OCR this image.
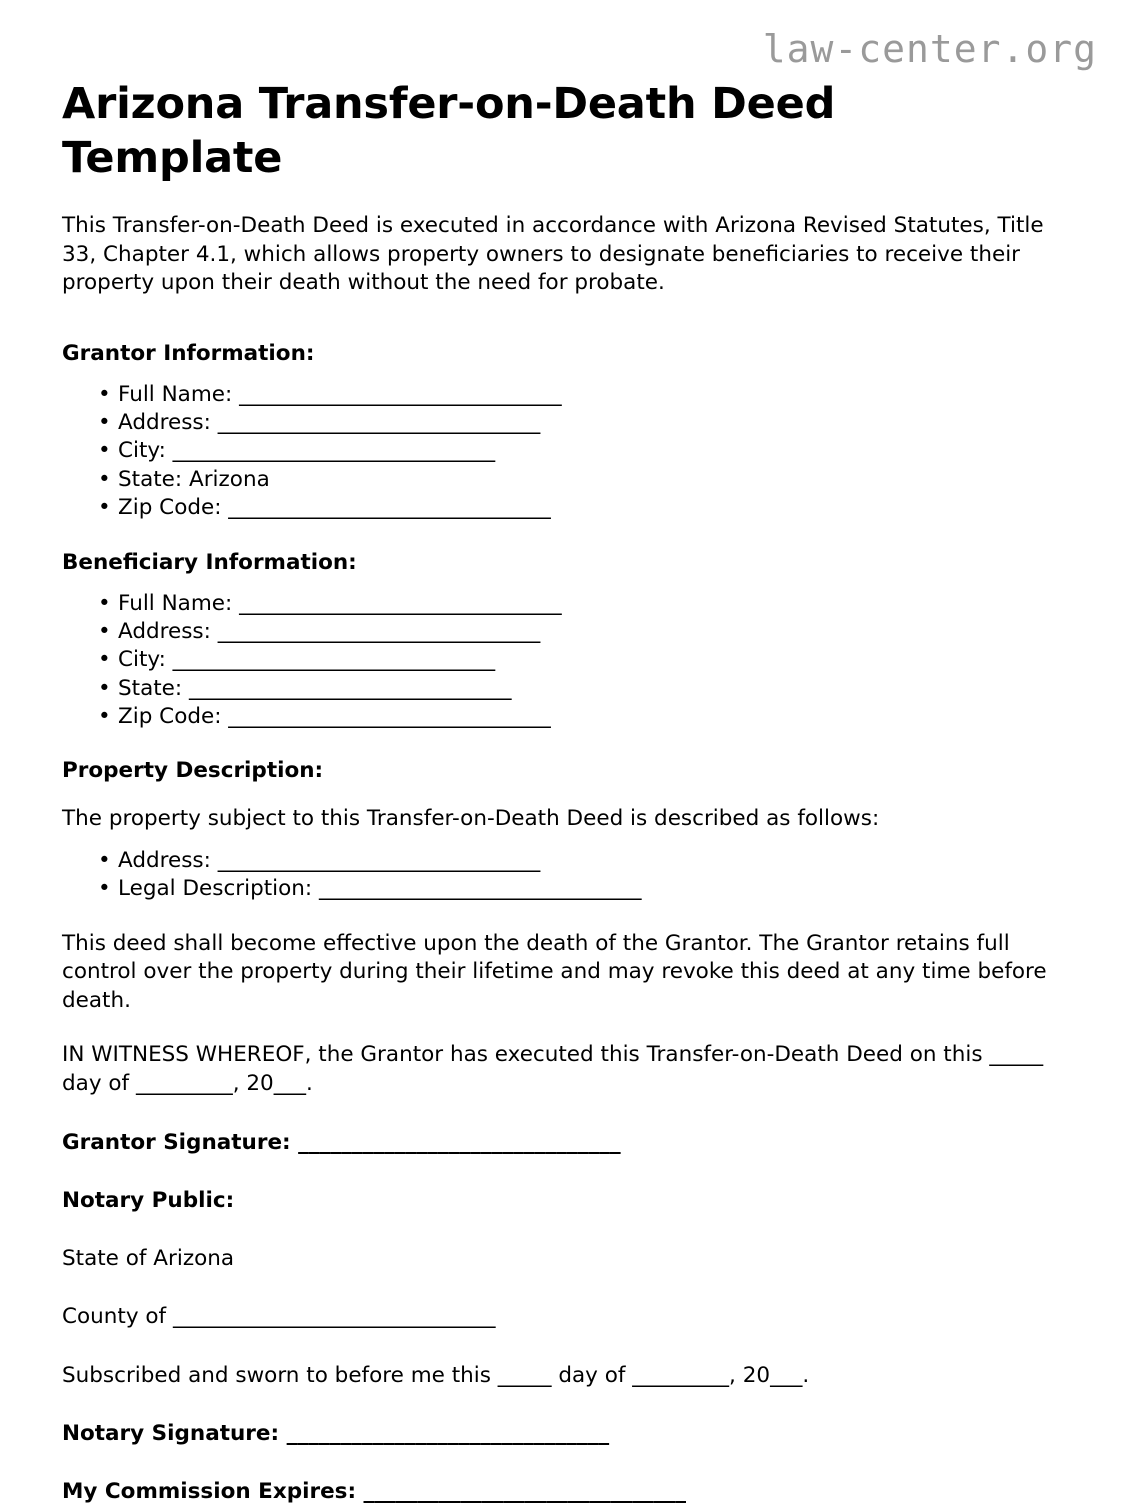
law-center.org
Arizona Transfer-on-Death Deed Template

This Transfer-on-Death Deed is executed in accordance with Arizona Revised Statutes, Title 33, Chapter 4.1, which allows property owners to designate beneficiaries to receive their property upon their death without the need for probate.

Grantor Information:
• Full Name: ______________________________
• Address: ______________________________
• City: ______________________________
• State: Arizona
• Zip Code: ______________________________
Beneficiary Information:
• Full Name: ______________________________
• Address: ______________________________
• City: ______________________________
• State: ______________________________
• Zip Code: ______________________________
Property Description:

The property subject to this Transfer-on-Death Deed is described as follows:

• Address: ______________________________
• Legal Description: ______________________________

This deed shall become effective upon the death of the Grantor. The Grantor retains full control over the property during their lifetime and may revoke this deed at any time before death.

IN WITNESS WHEREOF, the Grantor has executed this Transfer-on-Death Deed on this _____ day of _________, 20___.

Grantor Signature: ______________________________
Notary Public:

State of Arizona

County of ______________________________

Subscribed and sworn to before me this _____ day of _________, 20___.

Notary Signature: ______________________________
My Commission Expires: ______________________________
